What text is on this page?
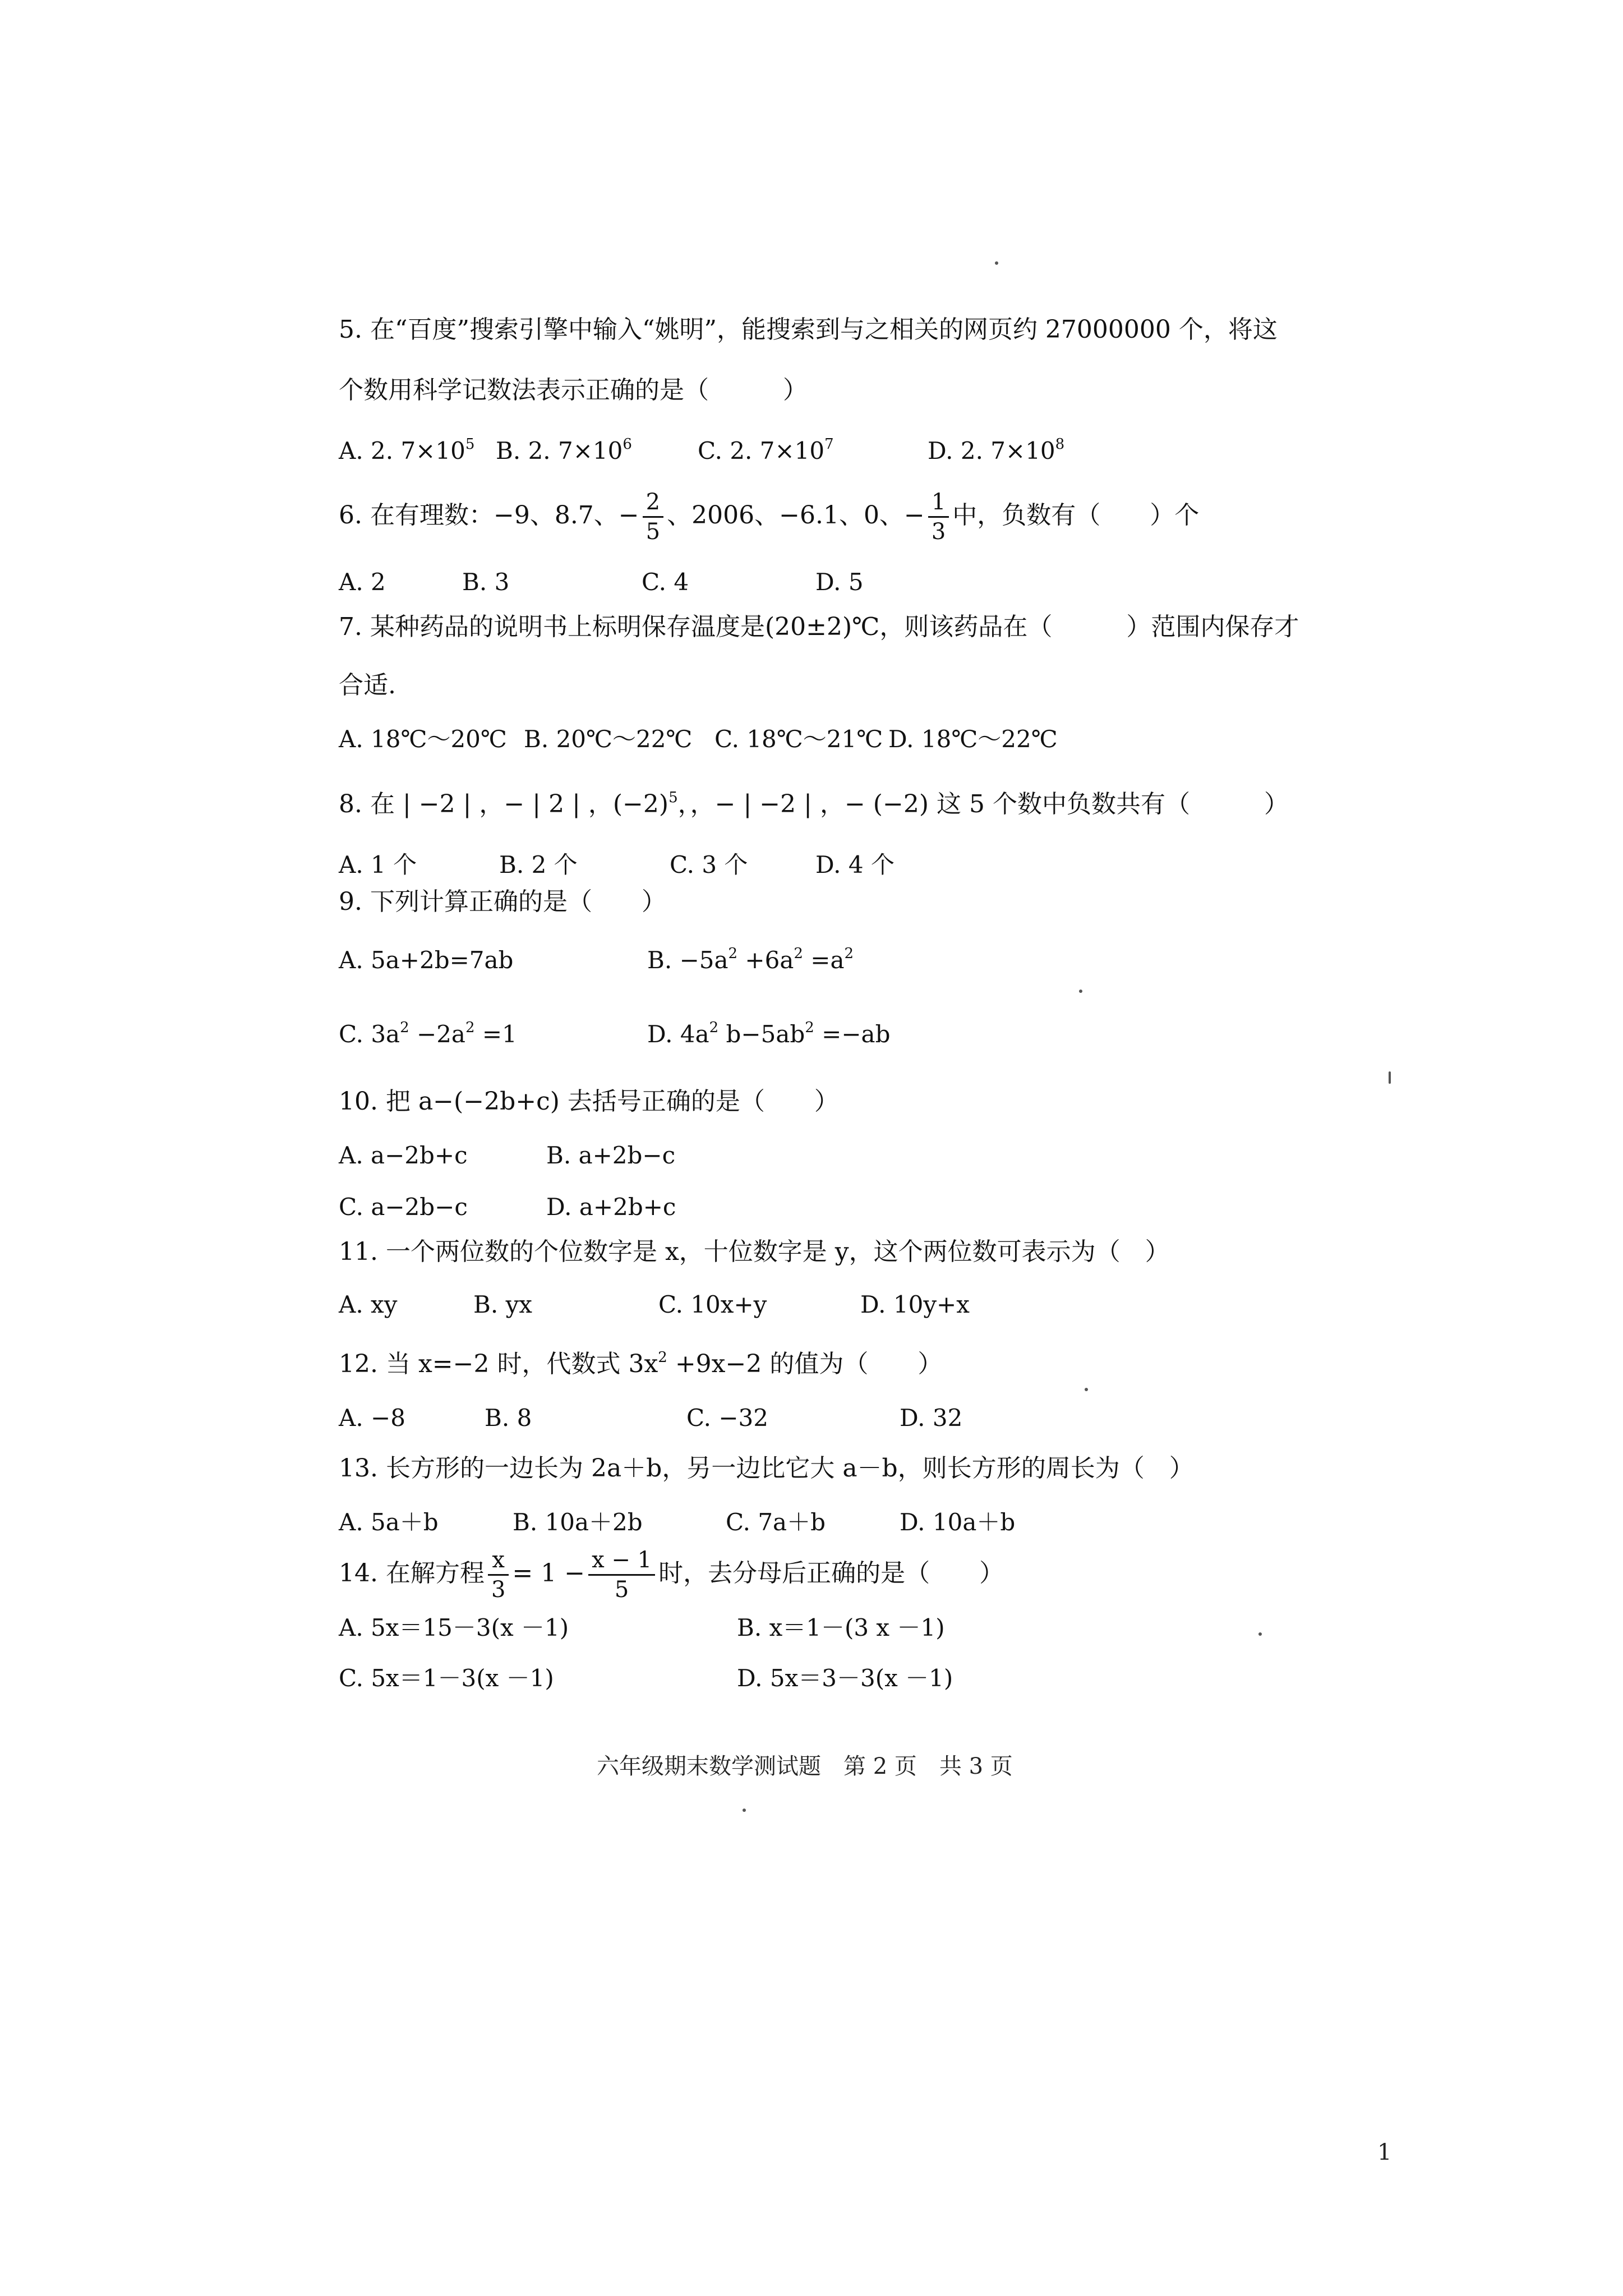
5. 在“百度”搜索引擎中输入“姚明”，能搜索到与之相关的网页约 27000000 个，将这
个数用科学记数法表示正确的是（　　　）
A. 2. $7\times 10^5$ B. 2. $7\times 10^6$	C. 2. $7\times 10^7$	D. 2. $7\times 10^8$
6. 在有理数：−9、8.7、− $\frac{2}{5}$ 、2006、−6.1、0、− $\frac{1}{3}$ 中，负数有（　　）个
A. 2	B. 3	C. 4	D. 5
7. 某种药品的说明书上标明保存温度是(20±2)℃，则该药品在（　　　）范围内保存才
合适.
A. 18℃～20℃ B. 20℃～22℃ C. 18℃～21℃ D. 18℃～22℃
8. 在 | −2 | ，− | 2 | ，$(-2)^5$，，− | −2 | ，− (−2) 这 5 个数中负数共有（　　　）
A. 1 个	B. 2 个	C. 3 个	D. 4 个
9. 下列计算正确的是（　　）
A. 5a+2b=7ab	B. $-5a^2 +6a^2 =a^2$
C. $3a^2 -2a^2 =1$	D. $4a^2$ $b-5ab^2 =-ab$
10. 把 a−(−2b+c) 去括号正确的是（　　）
A. a−2b+c	B. a+2b−c
C. a−2b−c	D. a+2b+c
11. 一个两位数的个位数字是 x，十位数字是 y，这个两位数可表示为（　）
A. xy	B. yx	C. 10x+y	D. 10y+x
12. 当 x=−2 时，代数式 $3x^2 +9x-2$ 的值为（　　）
A. −8	B. 8	C. −32	D. 32
13. 长方形的一边长为 2a＋b，另一边比它大 a－b，则长方形的周长为（　）
A. 5a＋b	B. 10a＋2b	C. 7a＋b	D. 10a＋b
14. 在解方程 $\frac{x}{3} = 1 - \frac{x - 1}{5}$ 时，去分母后正确的是（　　）
A. 5x＝15－3(x －1)	B. x＝1－(3 x －1)
C. 5x＝1－3(x －1)	D. 5x＝3－3(x －1)
六年级期末数学测试题　第 2 页　共 3 页
1
